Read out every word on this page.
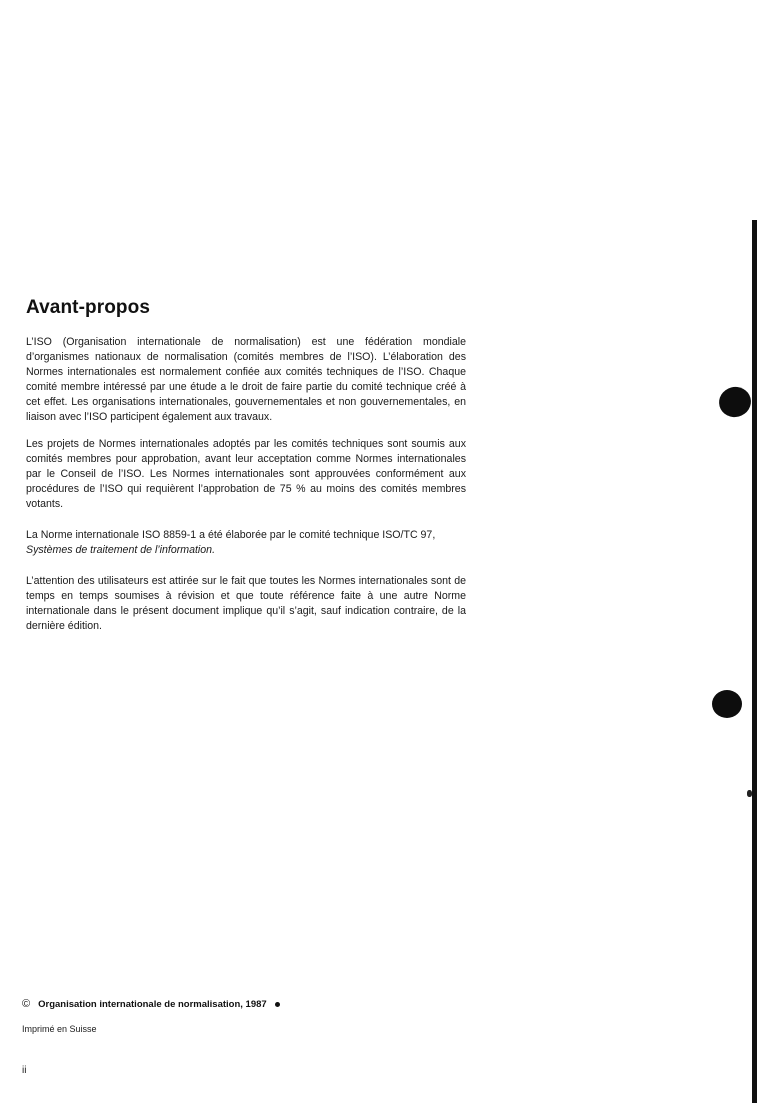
Avant-propos

L’ISO (Organisation internationale de normalisation) est une fédération mondiale d’organismes nationaux de normalisation (comités membres de l’ISO). L’élaboration des Normes internationales est normalement confiée aux comités techniques de l’ISO. Chaque comité membre intéressé par une étude a le droit de faire partie du comité technique créé à cet effet. Les organisations internationales, gouvernementales et non gouvernementales, en liaison avec l’ISO participent également aux travaux.

Les projets de Normes internationales adoptés par les comités techniques sont soumis aux comités membres pour approbation, avant leur acceptation comme Normes internationales par le Conseil de l’ISO. Les Normes internationales sont approuvées conformément aux procédures de l’ISO qui requièrent l’approbation de 75 % au moins des comités membres votants.

La Norme internationale ISO 8859-1 a été élaborée par le comité technique ISO/TC 97,
Systèmes de traitement de l’information.

L’attention des utilisateurs est attirée sur le fait que toutes les Normes internationales sont de temps en temps soumises à révision et que toute référence faite à une autre Norme internationale dans le présent document implique qu’il s’agit, sauf indication contraire, de la dernière édition.

© Organisation internationale de normalisation, 1987
Imprimé en Suisse
ii
